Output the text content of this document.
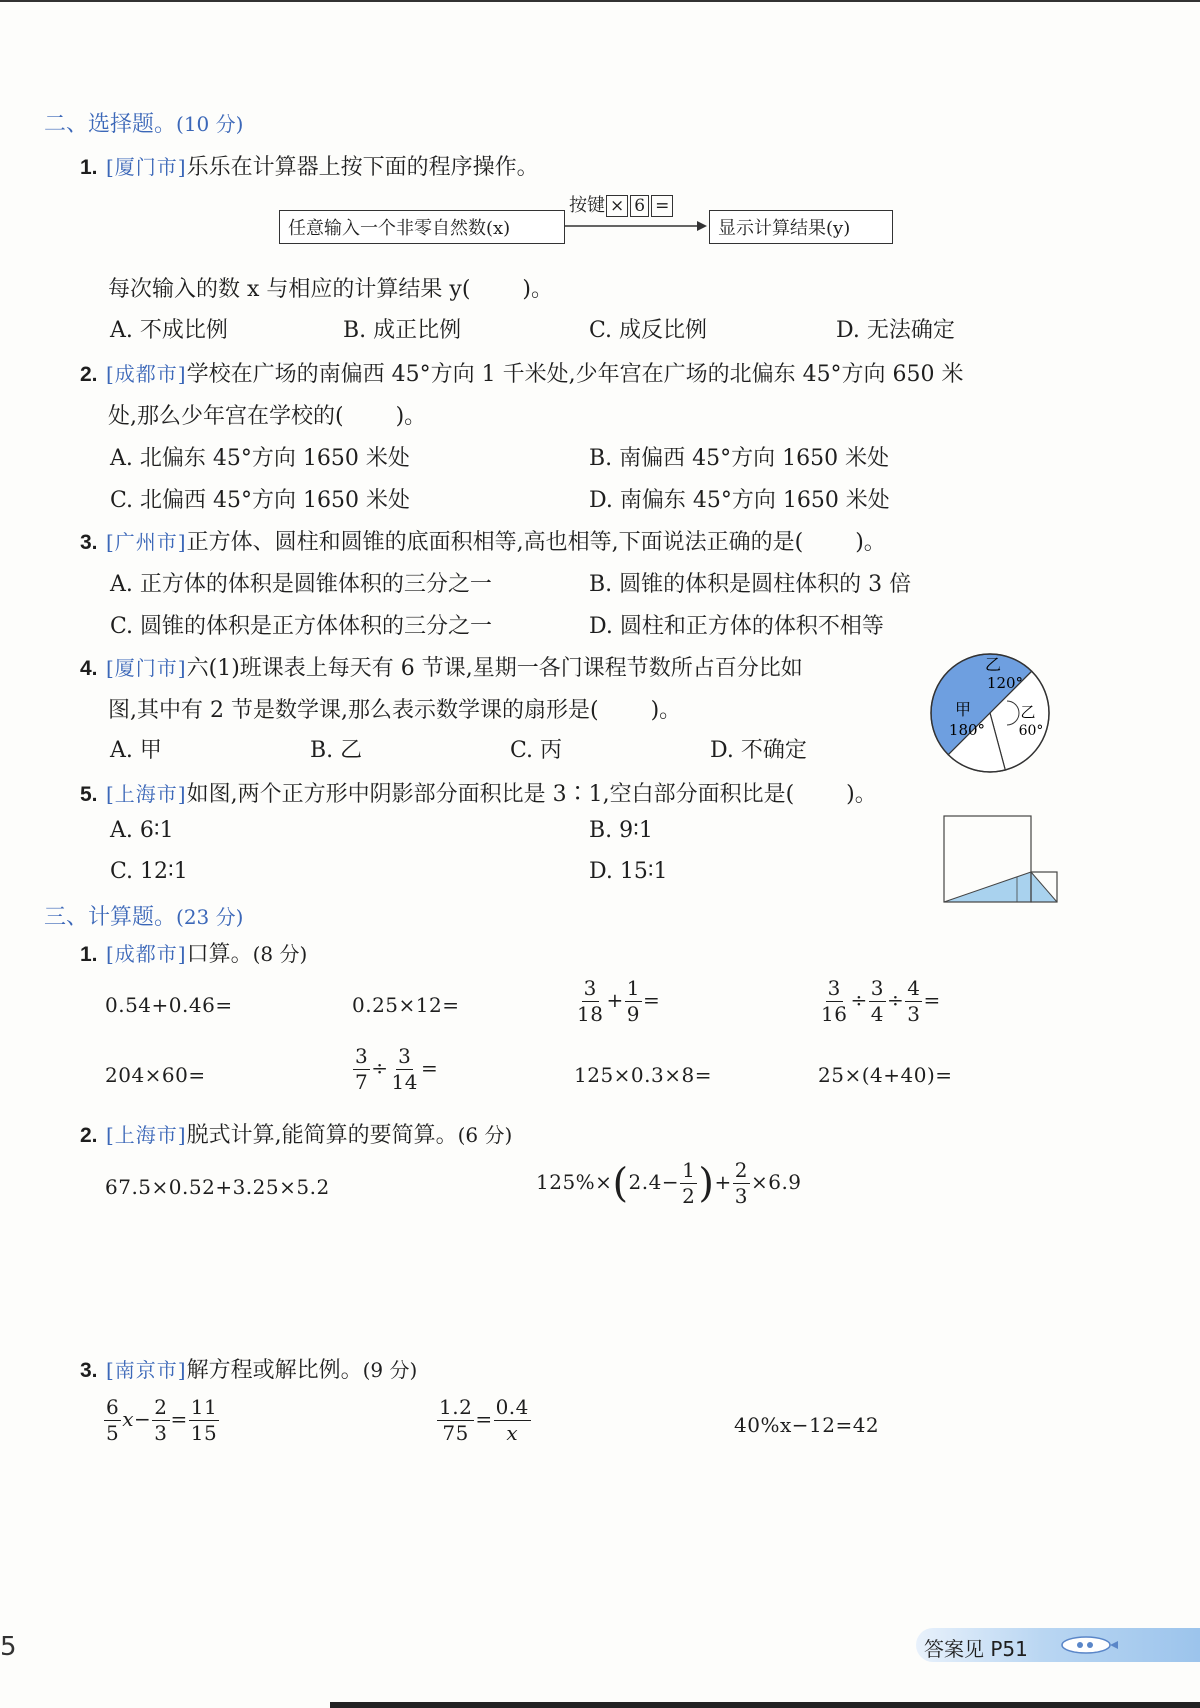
二、选择题。(10 分)
1. [厦门市]乐乐在计算器上按下面的程序操作。
任意输入一个非零自然数(x)
按键 × 6 =
显示计算结果(y)
每次输入的数 x 与相应的计算结果 y( )。
A. 不成比例	B. 成正比例	C. 成反比例	D. 无法确定
2. [成都市]学校在广场的南偏西 45°方向 1 千米处,少年宫在广场的北偏东 45°方向 650 米
处,那么少年宫在学校的( )。
A. 北偏东 45°方向 1650 米处	B. 南偏西 45°方向 1650 米处
C. 北偏西 45°方向 1650 米处	D. 南偏东 45°方向 1650 米处
3. [广州市]正方体、圆柱和圆锥的底面积相等,高也相等,下面说法正确的是( )。
A. 正方体的体积是圆锥体积的三分之一	B. 圆锥的体积是圆柱体积的 3 倍
C. 圆锥的体积是正方体体积的三分之一	D. 圆柱和正方体的体积不相等
4. [厦门市]六(1)班课表上每天有 6 节课,星期一各门课程节数所占百分比如
图,其中有 2 节是数学课,那么表示数学课的扇形是( )。
A. 甲	B. 乙	C. 丙	D. 不确定
乙
120°
甲
180°
乙
60°
5. [上海市]如图,两个正方形中阴影部分面积比是 3∶1,空白部分面积比是( )。
A. 6∶1	B. 9∶1
C. 12∶1	D. 15∶1
三、计算题。(23 分)
1. [成都市]口算。(8 分)
0.54+0.46=	0.25×12=	$\frac{3}{18} + \frac{1}{9}$ =	$\frac{3}{16} \div \frac{3}{4} \div \frac{4}{3}$ =
204×60=	$\frac{3}{7} \div \frac{3}{14}$ =	125×0.3×8=	25×(4+40)=
2. [上海市]脱式计算,能简算的要简算。(6 分)
67.5×0.52+3.25×5.2	$125\%\times(2.4- \frac{1}{2}$ )+ $\frac{2}{3} \times 6.9$
3. [南京市]解方程或解比例。(9 分)
$\frac{6}{5} x- \frac{2}{3} = \frac{11}{15}$	$\frac{1.2}{75} = \frac{0.4}{x}$	40%x−12=42
5	答案见 P51
